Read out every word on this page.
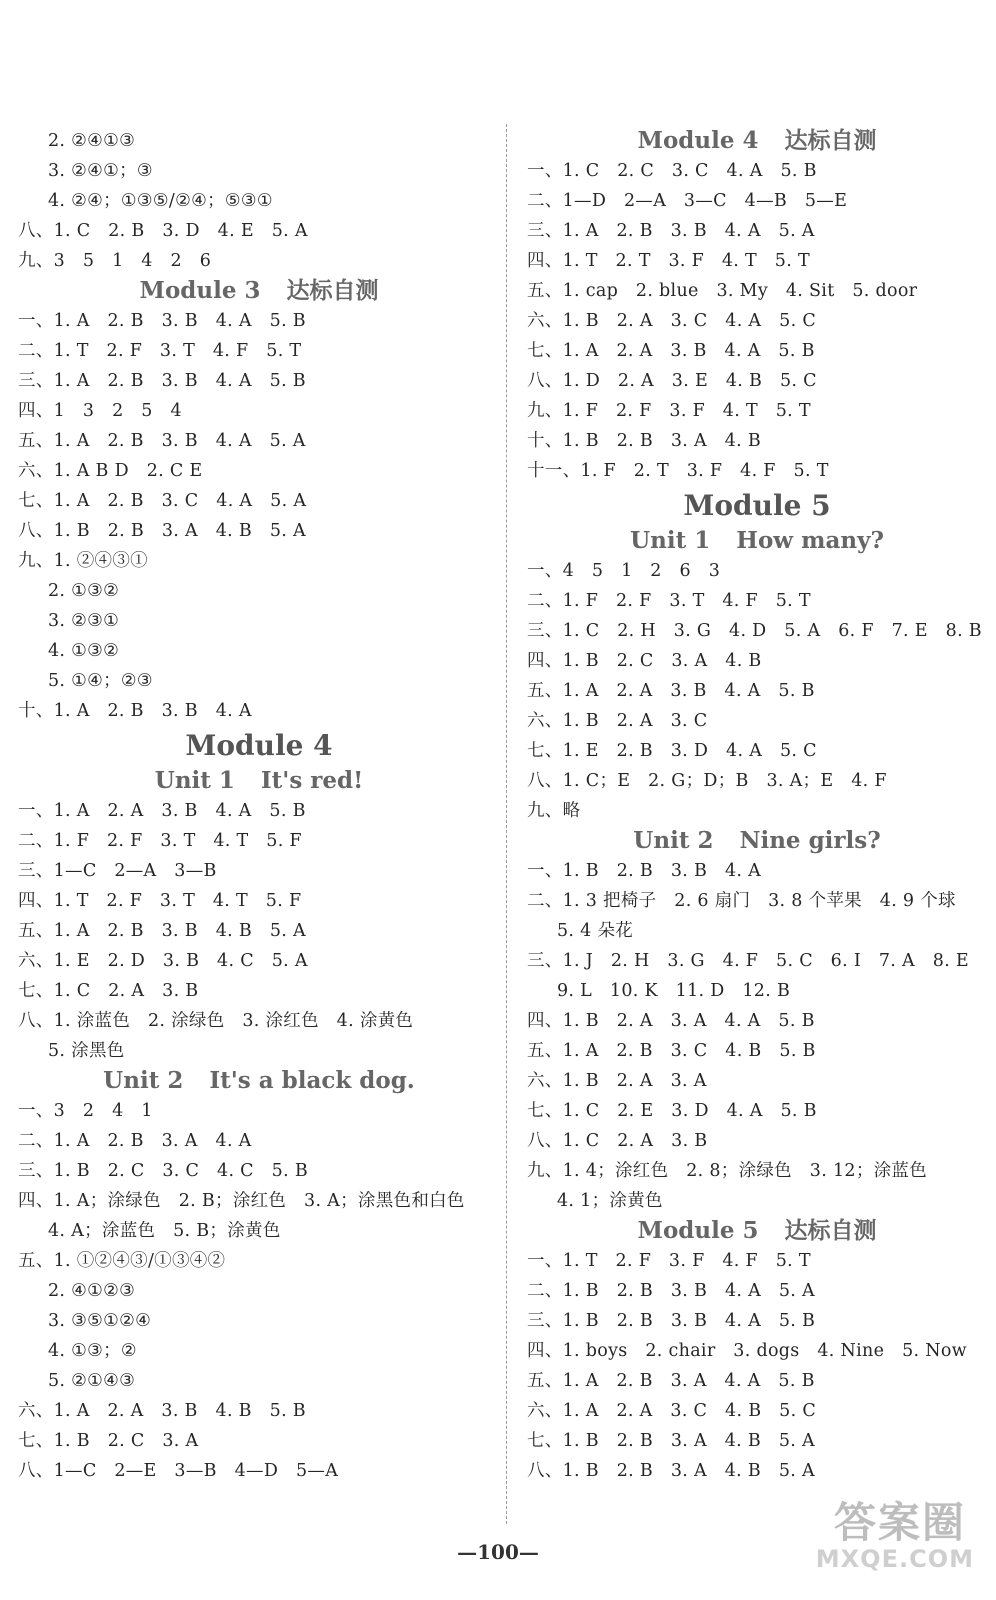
2. ②④①③
3. ②④①；③
4. ②④；①③⑤/②④；⑤③①
八、1. C　2. B　3. D　4. E　5. A
九、3　5　1　4　2　6
Module 3 达标自测
一、1. A　2. B　3. B　4. A　5. B
二、1. T　2. F　3. T　4. F　5. T
三、1. A　2. B　3. B　4. A　5. B
四、1　3　2　5　4
五、1. A　2. B　3. B　4. A　5. A
六、1. A B D　2. C E
七、1. A　2. B　3. C　4. A　5. A
八、1. B　2. B　3. A　4. B　5. A
九、1. ②④③①
2. ①③②
3. ②③①
4. ①③②
5. ①④；②③
十、1. A　2. B　3. B　4. A
Module 4
Unit 1 It's red!
一、1. A　2. A　3. B　4. A　5. B
二、1. F　2. F　3. T　4. T　5. F
三、1—C　2—A　3—B
四、1. T　2. F　3. T　4. T　5. F
五、1. A　2. B　3. B　4. B　5. A
六、1. E　2. D　3. B　4. C　5. A
七、1. C　2. A　3. B
八、1. 涂蓝色　2. 涂绿色　3. 涂红色　4. 涂黄色
5. 涂黑色
Unit 2 It's a black dog.
一、3　2　4　1
二、1. A　2. B　3. A　4. A
三、1. B　2. C　3. C　4. C　5. B
四、1. A；涂绿色　2. B；涂红色　3. A；涂黑色和白色
4. A；涂蓝色　5. B；涂黄色
五、1. ①②④③/①③④②
2. ④①②③
3. ③⑤①②④
4. ①③；②
5. ②①④③
六、1. A　2. A　3. B　4. B　5. B
七、1. B　2. C　3. A
八、1—C　2—E　3—B　4—D　5—A
Module 4 达标自测
一、1. C　2. C　3. C　4. A　5. B
二、1—D　2—A　3—C　4—B　5—E
三、1. A　2. B　3. B　4. A　5. A
四、1. T　2. T　3. F　4. T　5. T
五、1. cap　2. blue　3. My　4. Sit　5. door
六、1. B　2. A　3. C　4. A　5. C
七、1. A　2. A　3. B　4. A　5. B
八、1. D　2. A　3. E　4. B　5. C
九、1. F　2. F　3. F　4. T　5. T
十、1. B　2. B　3. A　4. B
十一、1. F　2. T　3. F　4. F　5. T
Module 5
Unit 1 How many?
一、4　5　1　2　6　3
二、1. F　2. F　3. T　4. F　5. T
三、1. C　2. H　3. G　4. D　5. A　6. F　7. E　8. B
四、1. B　2. C　3. A　4. B
五、1. A　2. A　3. B　4. A　5. B
六、1. B　2. A　3. C
七、1. E　2. B　3. D　4. A　5. C
八、1. C；E　2. G；D；B　3. A；E　4. F
九、略
Unit 2 Nine girls?
一、1. B　2. B　3. B　4. A
二、1. 3 把椅子　2. 6 扇门　3. 8 个苹果　4. 9 个球
5. 4 朵花
三、1. J　2. H　3. G　4. F　5. C　6. I　7. A　8. E
9. L　10. K　11. D　12. B
四、1. B　2. A　3. A　4. A　5. B
五、1. A　2. B　3. C　4. B　5. B
六、1. B　2. A　3. A
七、1. C　2. E　3. D　4. A　5. B
八、1. C　2. A　3. B
九、1. 4；涂红色　2. 8；涂绿色　3. 12；涂蓝色
4. 1；涂黄色
Module 5 达标自测
一、1. T　2. F　3. F　4. F　5. T
二、1. B　2. B　3. B　4. A　5. A
三、1. B　2. B　3. B　4. A　5. B
四、1. boys　2. chair　3. dogs　4. Nine　5. Now
五、1. A　2. B　3. A　4. A　5. B
六、1. A　2. A　3. C　4. B　5. C
七、1. B　2. B　3. A　4. B　5. A
八、1. B　2. B　3. A　4. B　5. A
—100—
答案圈
MXQE.COM
